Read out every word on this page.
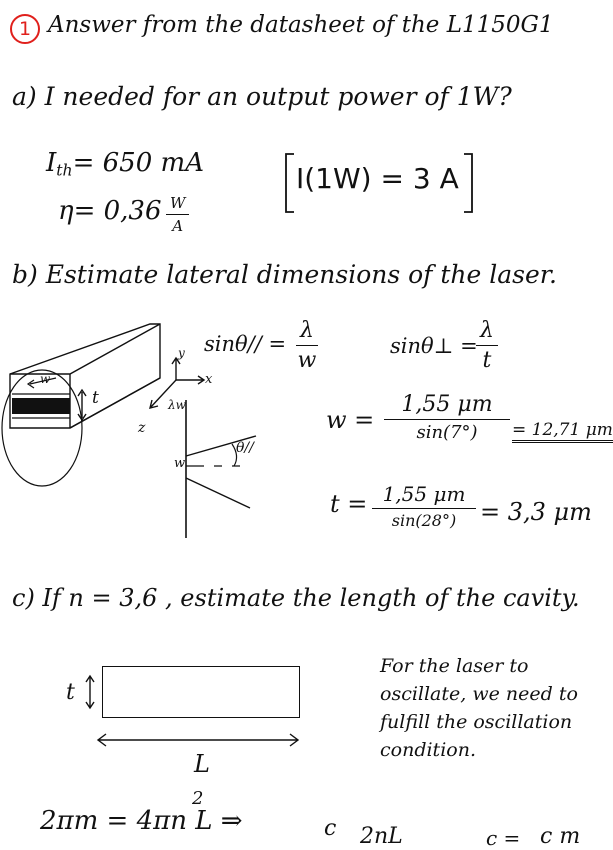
1 Answer from the datasheet of the L1150G1
a) I needed for an output power of 1W?
$I_{th}= 650$ mA
η= 0,36 W
A
I(1W) = 3 A
b) Estimate lateral dimensions of the laser.
t
w
y
x
z
λw
θ//
w
sinθ// =
λ
w
sinθ⊥ =
λ
t
w =
1,55 μm
sin(7°)	= 12,71 μm
t = 1,55 μm
sin(28°) = 3,3 μm
c) If n = 3,6 , estimate the length of the cavity.
t
L
For the laser to
oscillate, we need to
fulfill the oscillation
condition.
2
2πm = 4πn L ⇒	c 2nL	c = c m
